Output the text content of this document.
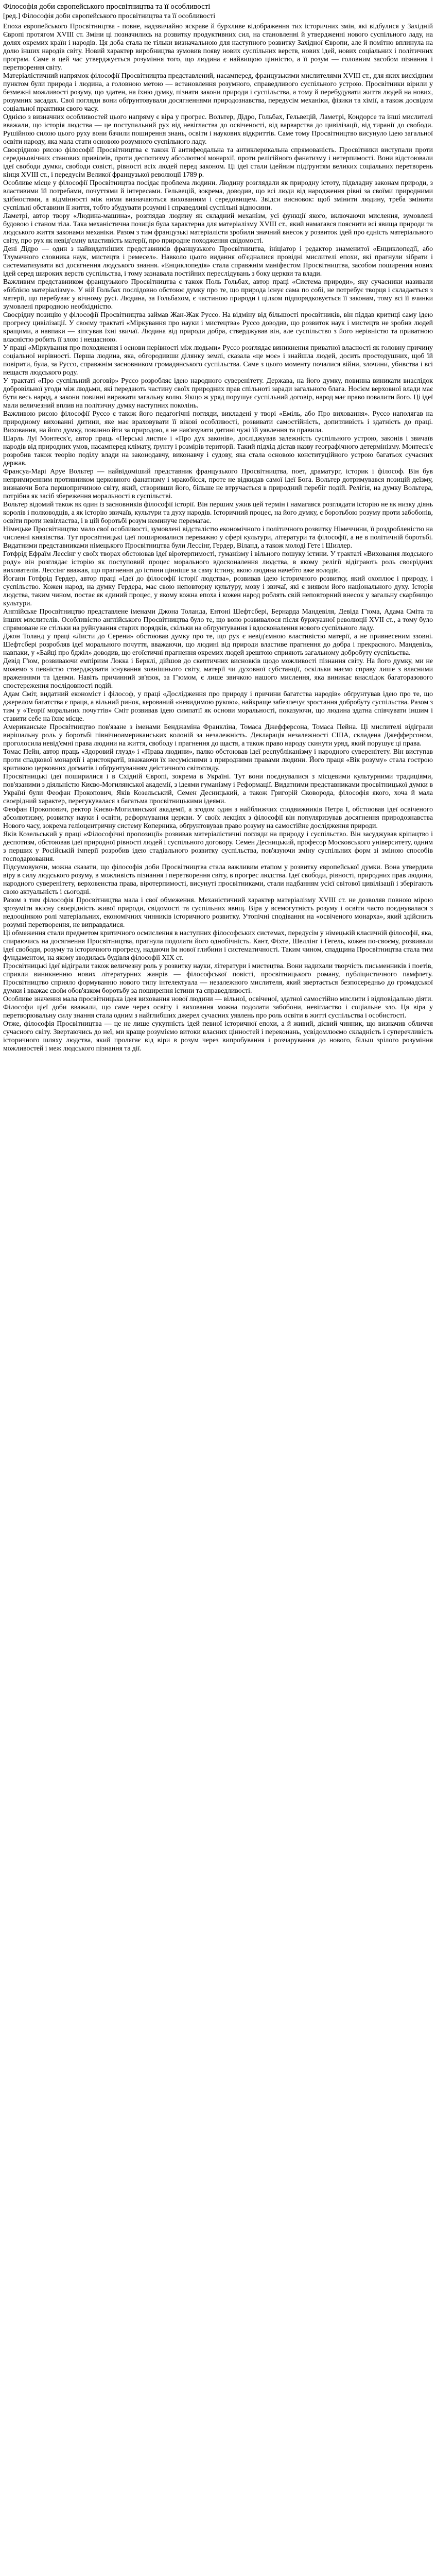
Філософія доби європейського просвітництва та її особливості
[ред.] Філософія доби європейського просвітництва та її особливості

Епоха європейського Просвітництва - повне, надзвичайно яскраве й бурхливе відображення тих історичних змін, які відбулися у Західній Європі протягом XVIII ст. Зміни ці позначились на розвитку продуктивних сил, на становленні й утвердженні нового суспільного ладу, на долях окремих країн і народів. Ця доба стала не тільки визначальною для наступного розвитку Західної Європи, але й помітно вплинула на долю інших народів світу. Новий характер виробництва зумовив появу нових суспільних верств, нових ідей, нових соціальних і політичних програм. Саме в цей час утверджується розуміння того, що людина є найвищою цінністю, а її розум — головним засобом пізнання і перетворення світу.

Матеріалістичний напрямок філософії Просвітництва представлений, насамперед, французькими мислителями XVIII ст., для яких висхідним пунктом були природа і людина, а головною метою — встановлення розумного, справедливого суспільного устрою. Просвітники вірили у безмежні можливості розуму, що здатен, на їхню думку, пізнати закони природи і суспільства, а тому й перебудувати життя людей на нових, розумних засадах. Свої погляди вони обґрунтовували досягненнями природознавства, передусім механіки, фізики та хімії, а також досвідом соціальної практики свого часу.

Однією з визначних особливостей цього напряму є віра у прогрес. Вольтер, Дідро, Гольбах, Гельвецій, Ламетрі, Кондорсе та інші мислителі вважали, що історія людства — це поступальний рух від невігластва до освіченості, від варварства до цивілізації, від тиранії до свободи. Рушійною силою цього руху вони бачили поширення знань, освіти і наукових відкриттів. Саме тому Просвітництво висунуло ідею загальної освіти народу, яка мала стати основою розумного суспільного ладу.

Своєрідною рисою філософії Просвітництва є також її антифеодальна та антиклерикальна спрямованість. Просвітники виступали проти середньовічних станових привілеїв, проти деспотизму абсолютної монархії, проти релігійного фанатизму і нетерпимості. Вони відстоювали ідеї свободи думки, свободи совісті, рівності всіх людей перед законом. Ці ідеї стали ідейним підґрунтям великих соціальних перетворень кінця XVIII ст., і передусім Великої французької революції 1789 р.

Особливе місце у філософії Просвітництва посідає проблема людини. Людину розглядали як природну істоту, підвладну законам природи, з властивими їй потребами, почуттями й інтересами. Гельвецій, зокрема, доводив, що всі люди від народження рівні за своїми природними здібностями, а відмінності між ними визначаються вихованням і середовищем. Звідси висновок: щоб змінити людину, треба змінити суспільні обставини її життя, тобто збудувати розумні і справедливі суспільні відносини.

Ламетрі, автор твору «Людина-машина», розглядав людину як складний механізм, усі функції якого, включаючи мислення, зумовлені будовою і станом тіла. Така механістична позиція була характерна для матеріалізму XVIII ст., який намагався пояснити всі явища природи та людського життя законами механіки. Разом з тим французькі матеріалісти зробили значний внесок у розвиток ідей про єдність матеріального світу, про рух як невід'ємну властивість матерії, про природне походження свідомості.

Дені Дідро — один з найвидатніших представників французького Просвітництва, ініціатор і редактор знаменитої «Енциклопедії, або Тлумачного словника наук, мистецтв і ремесел». Навколо цього видання об'єдналися провідні мислителі епохи, які прагнули зібрати і систематизувати всі досягнення людського знання. «Енциклопедія» стала справжнім маніфестом Просвітництва, засобом поширення нових ідей серед широких верств суспільства, і тому зазнавала постійних переслідувань з боку церкви та влади.

Важливим представником французького Просвітництва є також Поль Гольбах, автор праці «Система природи», яку сучасники називали «біблією матеріалізму». У ній Гольбах послідовно обстоює думку про те, що природа існує сама по собі, не потребує творця і складається з матерії, що перебуває у вічному русі. Людина, за Гольбахом, є частиною природи і цілком підпорядковується її законам, тому всі її вчинки зумовлені природною необхідністю.

Своєрідну позицію у філософії Просвітництва займав Жан-Жак Руссо. На відміну від більшості просвітників, він піддав критиці саму ідею прогресу цивілізації. У своєму трактаті «Міркування про науки і мистецтва» Руссо доводив, що розвиток наук і мистецтв не зробив людей кращими, а навпаки — зіпсував їхні звичаї. Людина від природи добра, стверджував він, але суспільство з його нерівністю та приватною власністю робить її злою і нещасною.

У праці «Міркування про походження і основи нерівності між людьми» Руссо розглядає виникнення приватної власності як головну причину соціальної нерівності. Перша людина, яка, обгородивши ділянку землі, сказала «це моє» і знайшла людей, досить простодушних, щоб їй повірити, була, за Руссо, справжнім засновником громадянського суспільства. Саме з цього моменту почалися війни, злочини, убивства і всі нещастя людського роду.

У трактаті «Про суспільний договір» Руссо розробляє ідею народного суверенітету. Держава, на його думку, повинна виникати внаслідок добровільної угоди між людьми, які передають частину своїх природних прав спільноті заради загального блага. Носієм верховної влади має бути весь народ, а закони повинні виражати загальну волю. Якщо ж уряд порушує суспільний договір, народ має право повалити його. Ці ідеї мали величезний вплив на політичну думку наступних поколінь.

Важливою рисою філософії Руссо є також його педагогічні погляди, викладені у творі «Еміль, або Про виховання». Руссо наполягав на природному вихованні дитини, яке має враховувати її вікові особливості, розвивати самостійність, допитливість і здатність до праці. Виховання, на його думку, повинно йти за природою, а не нав'язувати дитині чужі їй уявлення та правила.

Шарль Луї Монтеск'є, автор праць «Перські листи» і «Про дух законів», досліджував залежність суспільного устрою, законів і звичаїв народів від природних умов, насамперед клімату, ґрунту і розмірів території. Такий підхід дістав назву географічного детермінізму. Монтеск'є розробив також теорію поділу влади на законодавчу, виконавчу і судову, яка стала основою конституційного устрою багатьох сучасних держав.

Франсуа-Марі Аруе Вольтер — найвідоміший представник французького Просвітництва, поет, драматург, історик і філософ. Він був непримиренним противником церковного фанатизму і мракобісся, проте не відкидав самої ідеї Бога. Вольтер дотримувався позицій деїзму, визнаючи Бога першопричиною світу, який, створивши його, більше не втручається в природний перебіг подій. Релігія, на думку Вольтера, потрібна як засіб збереження моральності в суспільстві.

Вольтер відомий також як один із засновників філософії історії. Він першим ужив цей термін і намагався розглядати історію не як низку діянь королів і полководців, а як історію звичаїв, культури та духу народів. Історичний процес, на його думку, є боротьбою розуму проти забобонів, освіти проти невігластва, і в цій боротьбі розум неминуче перемагає.

Німецьке Просвітництво мало свої особливості, зумовлені відсталістю економічного і політичного розвитку Німеччини, її роздробленістю на численні князівства. Тут просвітницькі ідеї поширювалися переважно у сфері культури, літератури та філософії, а не в політичній боротьбі. Видатними представниками німецького Просвітництва були Лессінг, Гердер, Віланд, а також молоді Гете і Шиллер.

Готфрід Ефраїм Лессінг у своїх творах обстоював ідеї віротерпимості, гуманізму і вільного пошуку істини. У трактаті «Виховання людського роду» він розглядає історію як поступовий процес морального вдосконалення людства, в якому релігії відіграють роль своєрідних вихователів. Лессінг вважав, що прагнення до істини цінніше за саму істину, якою людина начебто вже володіє.

Йоганн Готфрід Гердер, автор праці «Ідеї до філософії історії людства», розвивав ідею історичного розвитку, який охоплює і природу, і суспільство. Кожен народ, на думку Гердера, має свою неповторну культуру, мову і звичаї, які є виявом його національного духу. Історія людства, таким чином, постає як єдиний процес, у якому кожна епоха і кожен народ роблять свій неповторний внесок у загальну скарбницю культури.

Англійське Просвітництво представлене іменами Джона Толанда, Ентоні Шефтсбері, Бернарда Мандевіля, Девіда Г'юма, Адама Сміта та інших мислителів. Особливістю англійського Просвітництва було те, що воно розвивалося після буржуазної революції XVII ст., а тому було спрямоване не стільки на руйнування старих порядків, скільки на обґрунтування і вдосконалення нового суспільного ладу.

Джон Толанд у праці «Листи до Серени» обстоював думку про те, що рух є невід'ємною властивістю матерії, а не привнесеним ззовні. Шефтсбері розробляв ідеї морального почуття, вважаючи, що людині від природи властиве прагнення до добра і прекрасного. Мандевіль, навпаки, у «Байці про бджіл» доводив, що егоїстичні прагнення окремих людей зрештою сприяють загальному добробуту суспільства.

Девід Г'юм, розвиваючи емпіризм Локка і Берклі, дійшов до скептичних висновків щодо можливості пізнання світу. На його думку, ми не можемо з певністю стверджувати існування зовнішнього світу, матерії чи духовної субстанції, оскільки маємо справу лише з власними враженнями та ідеями. Навіть причинний зв'язок, за Г'юмом, є лише звичкою нашого мислення, яка виникає внаслідок багаторазового спостереження послідовності подій.

Адам Сміт, видатний економіст і філософ, у праці «Дослідження про природу і причини багатства народів» обґрунтував ідею про те, що джерелом багатства є праця, а вільний ринок, керований «невидимою рукою», найкраще забезпечує зростання добробуту суспільства. Разом з тим у «Теорії моральних почуттів» Сміт розвивав ідею симпатії як основи моральності, показуючи, що людина здатна співчувати іншим і ставити себе на їхнє місце.

Американське Просвітництво пов'язане з іменами Бенджаміна Франкліна, Томаса Джефферсона, Томаса Пейна. Ці мислителі відіграли вирішальну роль у боротьбі північноамериканських колоній за незалежність. Декларація незалежності США, складена Джефферсоном, проголосила невід'ємні права людини на життя, свободу і прагнення до щастя, а також право народу скинути уряд, який порушує ці права.

Томас Пейн, автор праць «Здоровий глузд» і «Права людини», палко обстоював ідеї республіканізму і народного суверенітету. Він виступав проти спадкової монархії і аристократії, вважаючи їх несумісними з природними правами людини. Його праця «Вік розуму» стала гострою критикою церковних догматів і обґрунтуванням деїстичного світогляду.

Просвітницькі ідеї поширилися і в Східній Європі, зокрема в Україні. Тут вони поєднувалися з місцевими культурними традиціями, пов'язаними з діяльністю Києво-Могилянської академії, з ідеями гуманізму і Реформації. Видатними представниками просвітницької думки в Україні були Феофан Прокопович, Яків Козельський, Семен Десницький, а також Григорій Сковорода, філософія якого, хоча й мала своєрідний характер, перегукувалася з багатьма просвітницькими ідеями.

Феофан Прокопович, ректор Києво-Могилянської академії, а згодом один з найближчих сподвижників Петра І, обстоював ідеї освіченого абсолютизму, розвитку науки і освіти, реформування церкви. У своїх лекціях з філософії він популяризував досягнення природознавства Нового часу, зокрема геліоцентричну систему Коперника, обґрунтовував право розуму на самостійне дослідження природи.

Яків Козельський у праці «Філософічні пропозиції» розвивав матеріалістичні погляди на природу і суспільство. Він засуджував кріпацтво і деспотизм, обстоював ідеї природної рівності людей і суспільного договору. Семен Десницький, професор Московського університету, одним з перших у Російській імперії розробив ідею стадіального розвитку суспільства, пов'язуючи зміну суспільних форм зі зміною способів господарювання.

Підсумовуючи, можна сказати, що філософія доби Просвітництва стала важливим етапом у розвитку європейської думки. Вона утвердила віру в силу людського розуму, в можливість пізнання і перетворення світу, в прогрес людства. Ідеї свободи, рівності, природних прав людини, народного суверенітету, верховенства права, віротерпимості, висунуті просвітниками, стали надбанням усієї світової цивілізації і зберігають свою актуальність і сьогодні.

Разом з тим філософія Просвітництва мала і свої обмеження. Механістичний характер матеріалізму XVIII ст. не дозволяв повною мірою зрозуміти якісну своєрідність живої природи, свідомості та суспільних явищ. Віра у всемогутність розуму і освіти часто поєднувалася з недооцінкою ролі матеріальних, економічних чинників історичного розвитку. Утопічні сподівання на «освіченого монарха», який здійснить розумні перетворення, не виправдалися.

Ці обмеження стали предметом критичного осмислення в наступних філософських системах, передусім у німецькій класичній філософії, яка, спираючись на досягнення Просвітництва, прагнула подолати його однобічність. Кант, Фіхте, Шеллінг і Гегель, кожен по-своєму, розвивали ідеї свободи, розуму та історичного прогресу, надаючи їм нової глибини і систематичності. Таким чином, спадщина Просвітництва стала тим фундаментом, на якому зводилась будівля філософії XIX ст.

Просвітницькі ідеї відіграли також величезну роль у розвитку науки, літератури і мистецтва. Вони надихали творчість письменників і поетів, сприяли виникненню нових літературних жанрів — філософської повісті, просвітницького роману, публіцистичного памфлету. Просвітництво сприяло формуванню нового типу інтелектуала — незалежного мислителя, який звертається безпосередньо до громадської думки і вважає своїм обов'язком боротьбу за поширення істини та справедливості.

Особливе значення мала просвітницька ідея виховання нової людини — вільної, освіченої, здатної самостійно мислити і відповідально діяти. Філософи цієї доби вважали, що саме через освіту і виховання можна подолати забобони, невігластво і соціальне зло. Ця віра у перетворювальну силу знання стала одним з найглибших джерел сучасних уявлень про роль освіти в житті суспільства і особистості.

Отже, філософія Просвітництва — це не лише сукупність ідей певної історичної епохи, а й живий, дієвий чинник, що визначив обличчя сучасного світу. Звертаючись до неї, ми краще розуміємо витоки власних цінностей і переконань, усвідомлюємо складність і суперечливість історичного шляху людства, який пролягає від віри в розум через випробування і розчарування до нового, більш зрілого розуміння можливостей і меж людського пізнання та дії.
